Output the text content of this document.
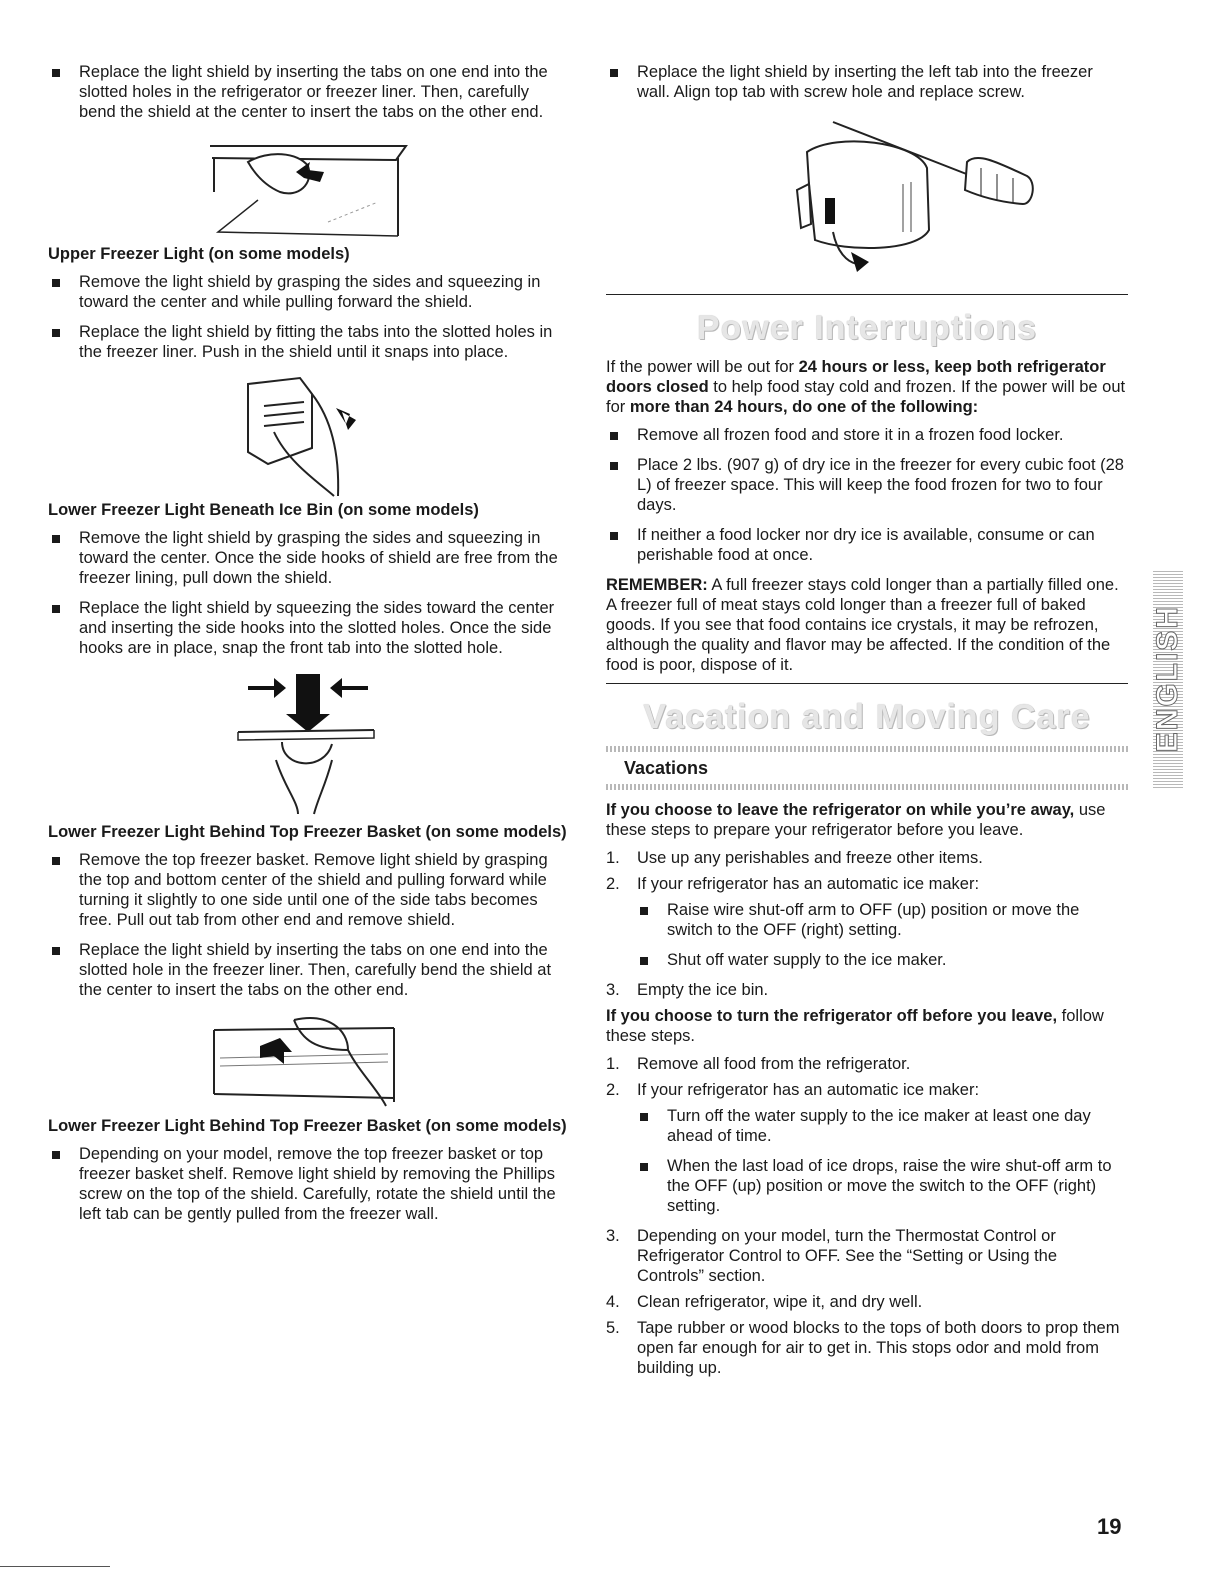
Replace the light shield by inserting the tabs on one end into the slotted holes in the refrigerator or freezer liner. Then, carefully bend the shield at the center to insert the tabs on the other end.
Upper Freezer Light (on some models)
Remove the light shield by grasping the sides and squeezing in toward the center and while pulling forward the shield.
Replace the light shield by fitting the tabs into the slotted holes in the freezer liner. Push in the shield until it snaps into place.
Lower Freezer Light Beneath Ice Bin (on some models)
Remove the light shield by grasping the sides and squeezing in toward the center. Once the side hooks of shield are free from the freezer lining, pull down the shield.
Replace the light shield by squeezing the sides toward the center and inserting the side hooks into the slotted holes. Once the side hooks are in place, snap the front tab into the slotted hole.
Lower Freezer Light Behind Top Freezer Basket (on some models)
Remove the top freezer basket. Remove light shield by grasping the top and bottom center of the shield and pulling forward while turning it slightly to one side until one of the side tabs becomes free. Pull out tab from other end and remove shield.
Replace the light shield by inserting the tabs on one end into the slotted hole in the freezer liner. Then, carefully bend the shield at the center to insert the tabs on the other end.
Lower Freezer Light Behind Top Freezer Basket (on some models)
Depending on your model, remove the top freezer basket or top freezer basket shelf. Remove light shield by removing the Phillips screw on the top of the shield. Carefully, rotate the shield until the left tab can be gently pulled from the freezer wall.
Replace the light shield by inserting the left tab into the freezer wall. Align top tab with screw hole and replace screw.
Power Interruptions

If the power will be out for 24 hours or less, keep both refrigerator doors closed to help food stay cold and frozen. If the power will be out for more than 24 hours, do one of the following:

Remove all frozen food and store it in a frozen food locker.
Place 2 lbs. (907 g) of dry ice in the freezer for every cubic foot (28 L) of freezer space. This will keep the food frozen for two to four days.
If neither a food locker nor dry ice is available, consume or can perishable food at once.

REMEMBER: A full freezer stays cold longer than a partially filled one. A freezer full of meat stays cold longer than a freezer full of baked goods. If you see that food contains ice crystals, it may be refrozen, although the quality and flavor may be affected. If the condition of the food is poor, dispose of it.

Vacation and Moving Care
Vacations

If you choose to leave the refrigerator on while you’re away, use these steps to prepare your refrigerator before you leave.

1. Use up any perishables and freeze other items.
2. If your refrigerator has an automatic ice maker:
Raise wire shut-off arm to OFF (up) position or move the switch to the OFF (right) setting.
Shut off water supply to the ice maker.
3. Empty the ice bin.

If you choose to turn the refrigerator off before you leave, follow these steps.

1. Remove all food from the refrigerator.
2. If your refrigerator has an automatic ice maker:
Turn off the water supply to the ice maker at least one day ahead of time.
When the last load of ice drops, raise the wire shut-off arm to the OFF (up) position or move the switch to the OFF (right) setting.
3. Depending on your model, turn the Thermostat Control or Refrigerator Control to OFF. See the “Setting or Using the Controls” section.
4. Clean refrigerator, wipe it, and dry well.
5. Tape rubber or wood blocks to the tops of both doors to prop them open far enough for air to get in. This stops odor and mold from building up.
ENGLISH
19
